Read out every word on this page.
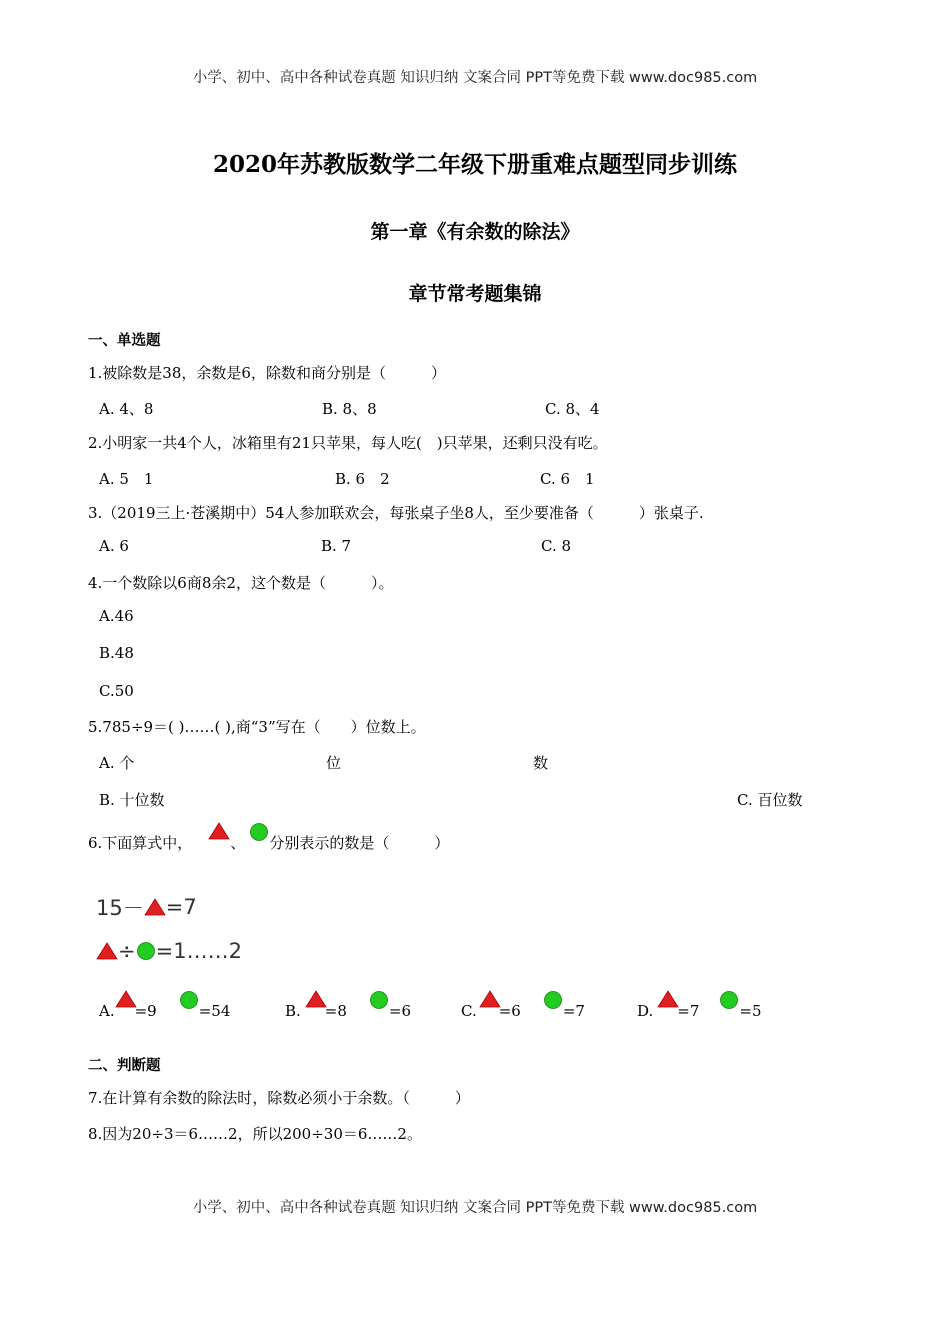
小学、初中、高中各种试卷真题 知识归纳 文案合同 PPT等免费下载 www.doc985.com
2020年苏教版数学二年级下册重难点题型同步训练
第一章《有余数的除法》
章节常考题集锦
一、单选题
1.被除数是38，余数是6，除数和商分别是（　　　）
A. 4、8	B. 8、8	C. 8、4
2.小明家一共4个人，冰箱里有21只苹果，每人吃(　)只苹果，还剩只没有吃。
A. 5　1	B. 6　2	C. 6　1
3.（2019三上·苍溪期中）54人参加联欢会，每张桌子坐8人，至少要准备（　　　）张桌子.
A. 6	B. 7	C. 8
4.一个数除以6商8余2，这个数是（　　　）。
A.46
B.48
C.50
5.785÷9＝( )……( ),商“3”写在（　　）位数上。
A. 个	位	数
B. 十位数	C. 百位数
6.下面算式中，	、 分别表示的数是（　　　）
15－ =7
÷ =1……2
A. =9	=54	B. =8	=6	C. =6	=7	D. =7	=5
二、判断题
7.在计算有余数的除法时，除数必须小于余数。（　　　）
8.因为20÷3＝6……2，所以200÷30＝6……2。
小学、初中、高中各种试卷真题 知识归纳 文案合同 PPT等免费下载 www.doc985.com
